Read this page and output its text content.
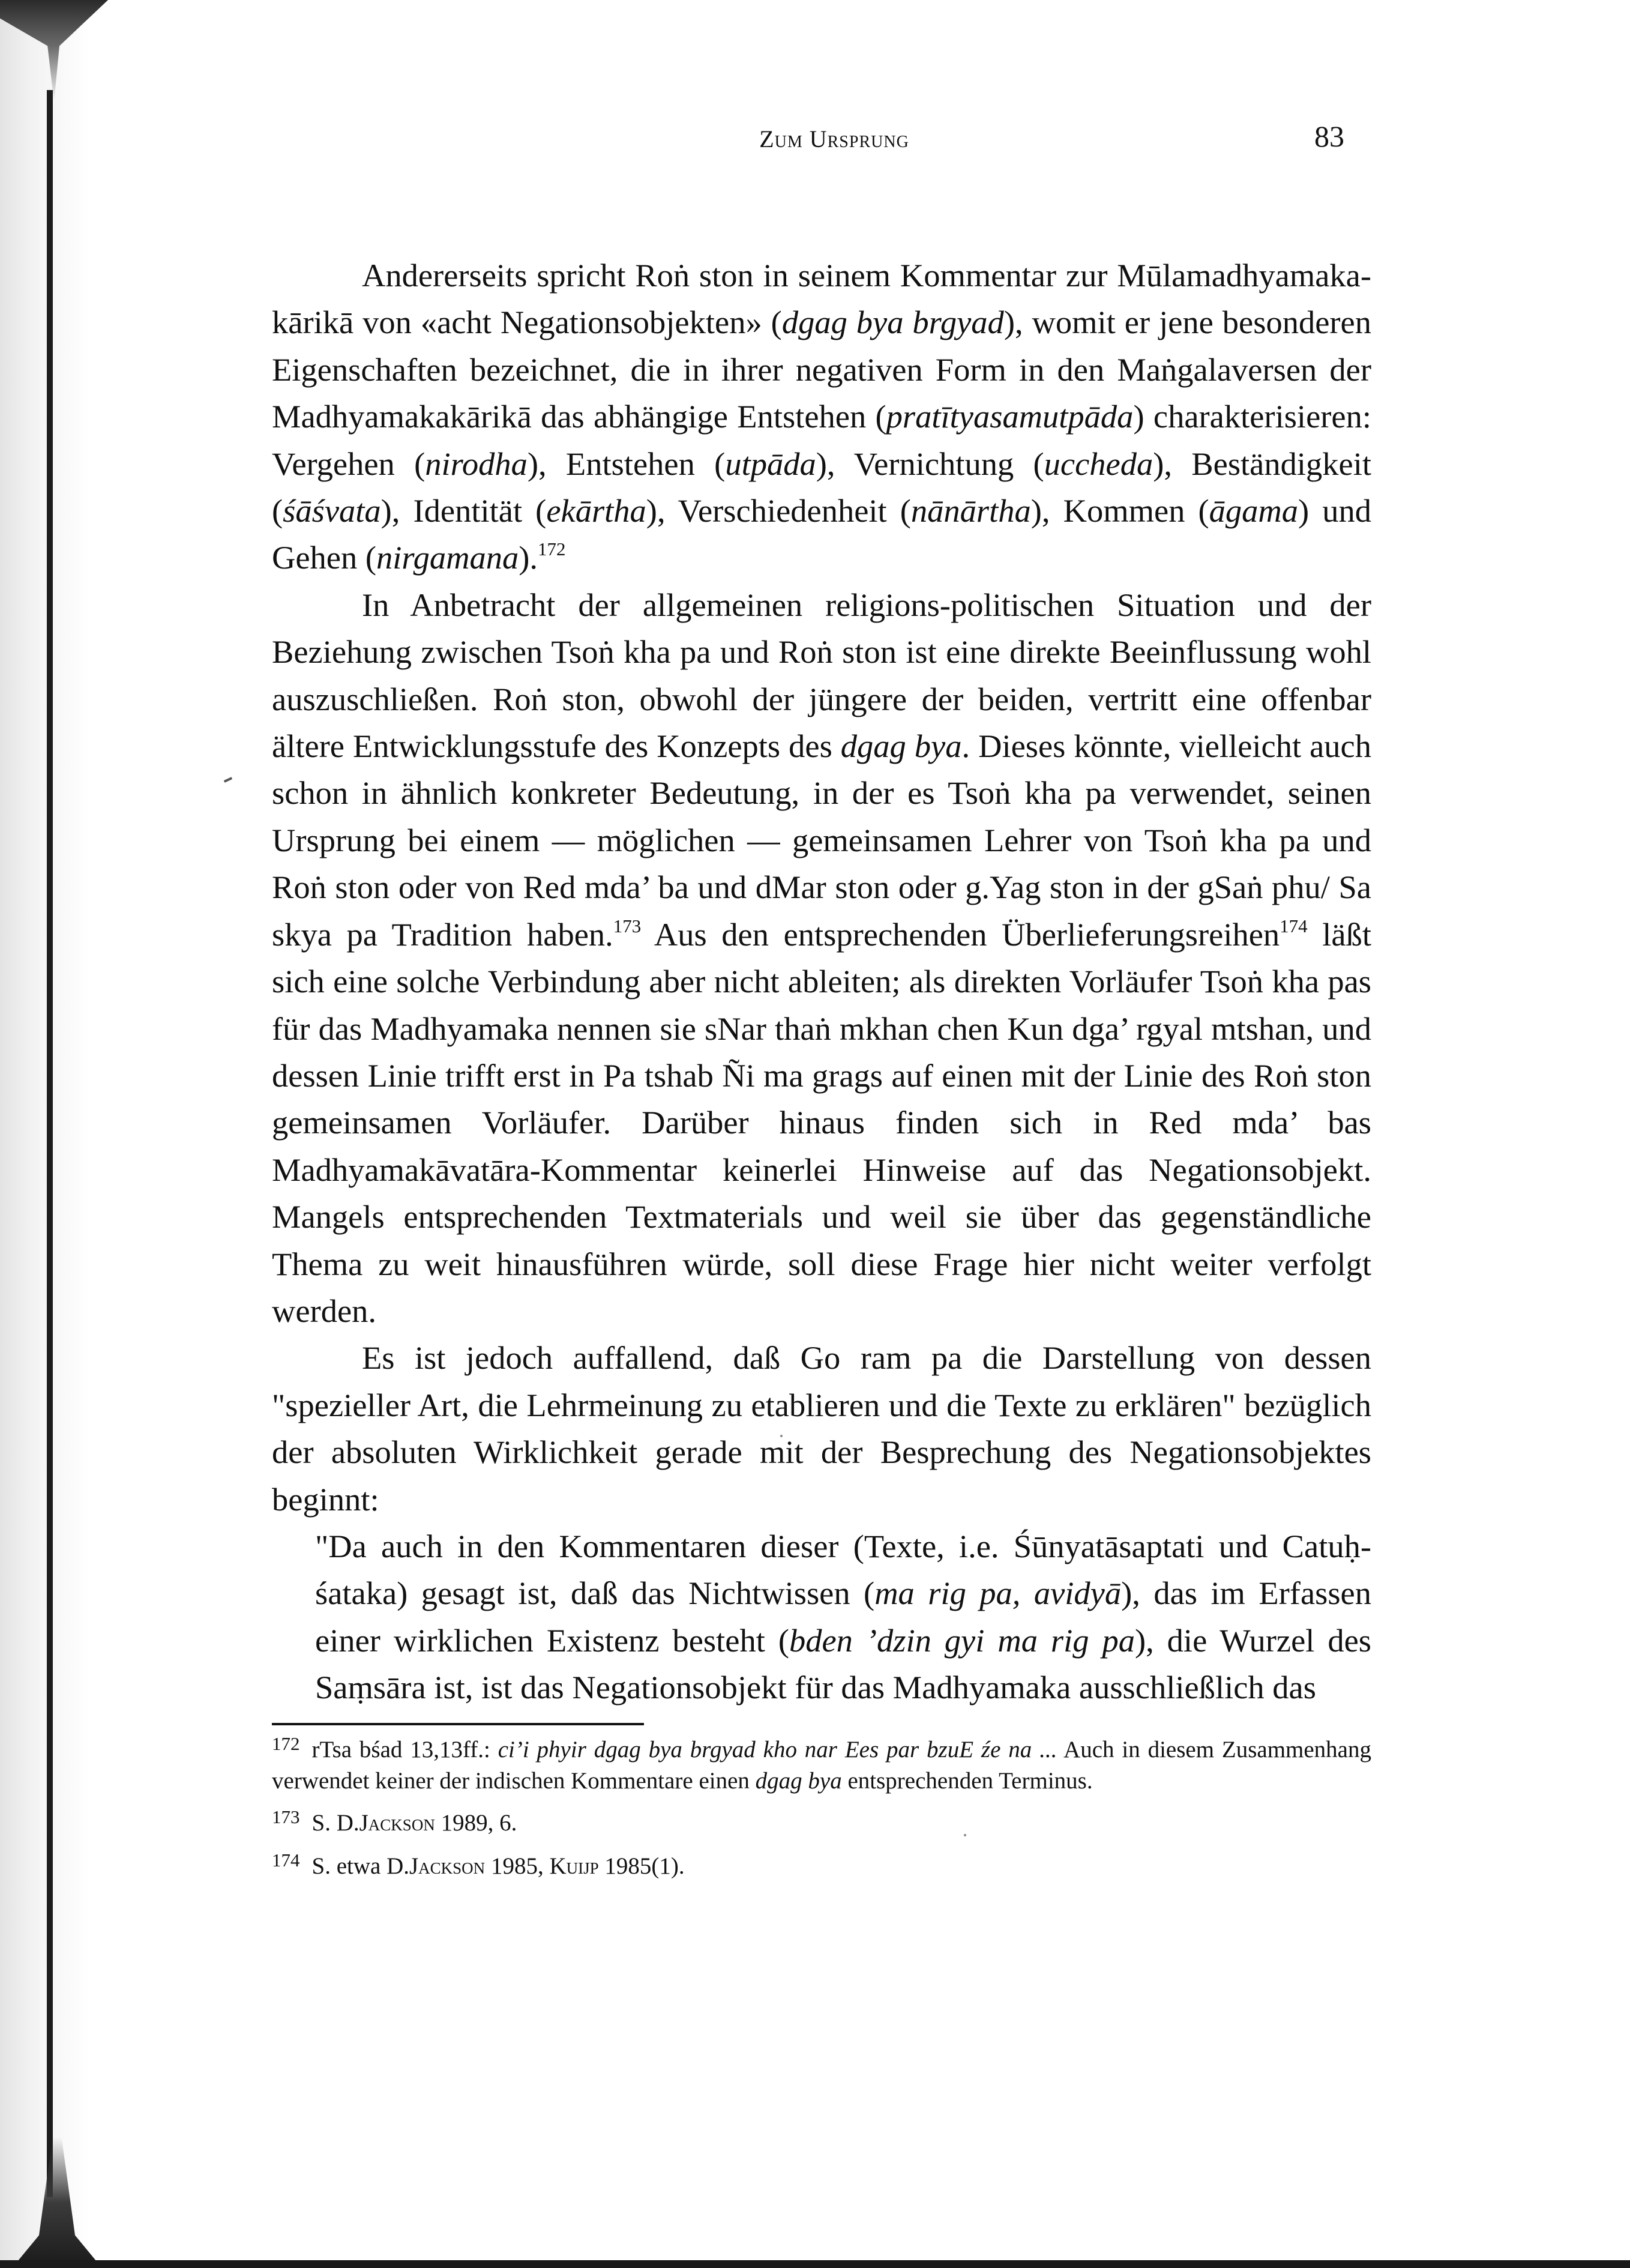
Zum Ursprung	83

Andererseits spricht Roṅ ston in seinem Kommentar zur Mūlamadhyamaka-kārikā von «acht Negationsobjekten» (dgag bya brgyad), womit er jene besonderen Eigenschaften bezeichnet, die in ihrer negativen Form in den Maṅgalaversen der Madhyamakakārikā das abhängige Entstehen (pratītyasamutpāda) charakterisieren: Vergehen (nirodha), Entstehen (utpāda), Vernichtung (uccheda), Beständigkeit (śāśvata), Identität (ekārtha), Verschiedenheit (nānārtha), Kommen (āgama) und Gehen (nirgamana).$^{172}$

In Anbetracht der allgemeinen religions-politischen Situation und der Beziehung zwischen Tsoṅ kha pa und Roṅ ston ist eine direkte Beeinflussung wohl auszuschließen. Roṅ ston, obwohl der jüngere der beiden, vertritt eine offenbar ältere Entwicklungsstufe des Konzepts des dgag bya. Dieses könnte, vielleicht auch schon in ähnlich konkreter Bedeutung, in der es Tsoṅ kha pa verwendet, seinen Ursprung bei einem — möglichen — gemeinsamen Lehrer von Tsoṅ kha pa und Roṅ ston oder von Red mda’ ba und dMar ston oder g.Yag ston in der gSaṅ phu/ Sa skya pa Tradition haben.$^{173}$ Aus den entsprechenden Überlieferungsreihen$^{174}$ läßt sich eine solche Verbindung aber nicht ableiten; als direkten Vorläufer Tsoṅ kha pas für das Madhyamaka nennen sie sNar thaṅ mkhan chen Kun dga’ rgyal mtshan, und dessen Linie trifft erst in Pa tshab Ñi ma grags auf einen mit der Linie des Roṅ ston gemeinsamen Vorläufer. Darüber hinaus finden sich in Red mda’ bas Madhyamakāvatāra-Kommentar keinerlei Hinweise auf das Negationsobjekt. Mangels entsprechenden Textmaterials und weil sie über das gegenständliche Thema zu weit hinausführen würde, soll diese Frage hier nicht weiter verfolgt werden.

Es ist jedoch auffallend, daß Go ram pa die Darstellung von dessen "spezieller Art, die Lehrmeinung zu etablieren und die Texte zu erklären" bezüglich der absoluten Wirklichkeit gerade mit der Besprechung des Negationsobjektes beginnt:

"Da auch in den Kommentaren dieser (Texte, i.e. Śūnyatāsaptati und Catuḥ-śataka) gesagt ist, daß das Nichtwissen (ma rig pa, avidyā), das im Erfassen einer wirklichen Existenz besteht (bden ’dzin gyi ma rig pa), die Wurzel des Saṃsāra ist, ist das Negationsobjekt für das Madhyamaka ausschließlich das

$^{172}$ rTsa bśad 13,13ff.: ci’i phyir dgag bya brgyad kho nar Ees par bzuE źe na ... Auch in diesem Zusammenhang verwendet keiner der indischen Kommentare einen dgag bya entsprechenden Terminus.

$^{173}$ S. D.Jackson 1989, 6.

$^{174}$ S. etwa D.Jackson 1985, Kuijp 1985(1).
